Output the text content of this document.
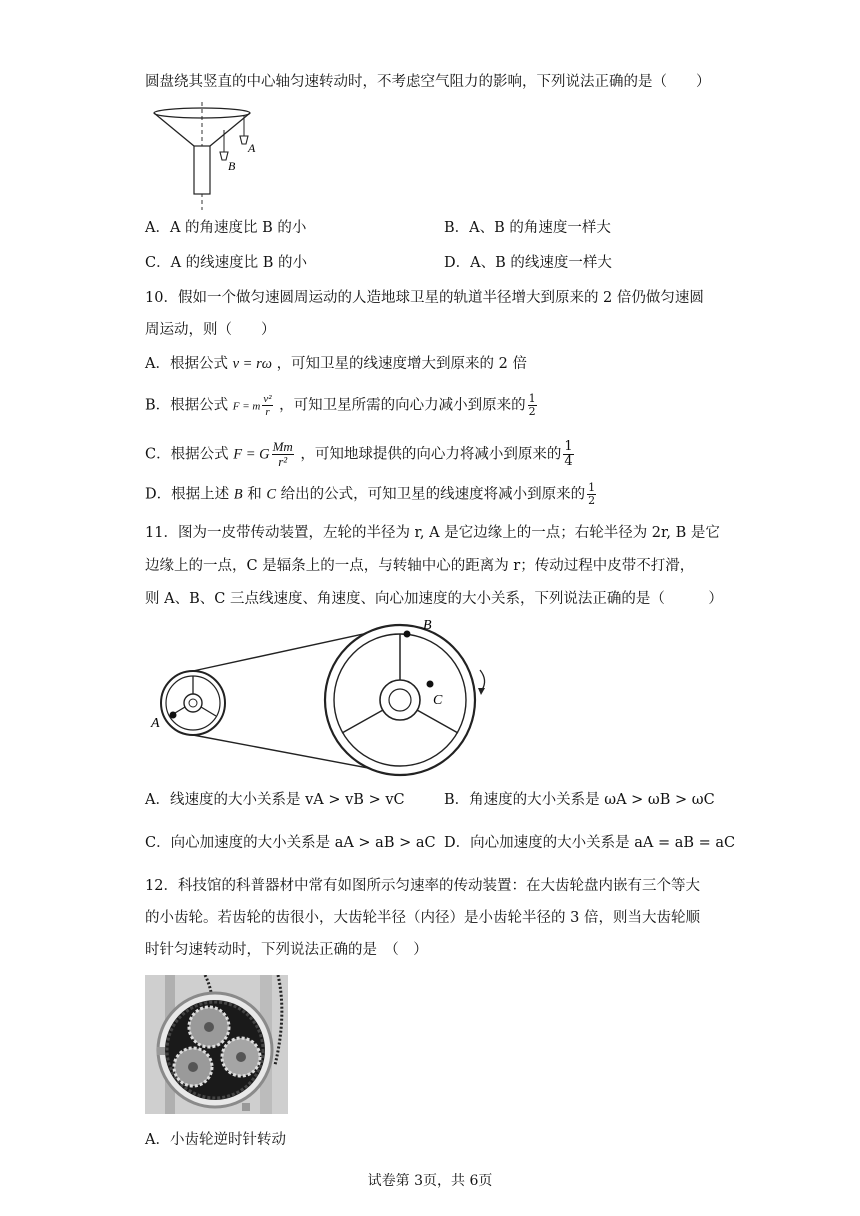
圆盘绕其竖直的中心轴匀速转动时，不考虑空气阻力的影响，下列说法正确的是（　　）
A
B
A．A 的角速度比 B 的小	B．A、B 的角速度一样大
C．A 的线速度比 B 的小	D．A、B 的线速度一样大
10．假如一个做匀速圆周运动的人造地球卫星的轨道半径增大到原来的 2 倍仍做匀速圆
周运动，则（　　）
A．根据公式 v = rω ，可知卫星的线速度增大到原来的 2 倍
B．根据公式 F = m $\frac{\text{v²}}{r}$ ，可知卫星所需的向心力减小到原来的 $\frac{1}{2}$
C．根据公式 F = G $\frac{Mm}{\text{r²}}$ ，可知地球提供的向心力将减小到原来的 $\frac{1}{4}$
D．根据上述 B 和 C 给出的公式，可知卫星的线速度将减小到原来的 $\frac{1}{2}$
11．图为一皮带传动装置，左轮的半径为 r, A 是它边缘上的一点；右轮半径为 2r, B 是它
边缘上的一点，C 是辐条上的一点，与转轴中心的距离为 r；传动过程中皮带不打滑，
则 A、B、C 三点线速度、角速度、向心加速度的大小关系，下列说法正确的是（　　　）
A
B
C
A．线速度的大小关系是 vA > vB > vC	B．角速度的大小关系是 ωA > ωB > ωC
C．向心加速度的大小关系是 aA > aB > aC D．向心加速度的大小关系是 aA = aB = aC
12．科技馆的科普器材中常有如图所示匀速率的传动装置：在大齿轮盘内嵌有三个等大
的小齿轮。若齿轮的齿很小，大齿轮半径（内径）是小齿轮半径的 3 倍，则当大齿轮顺
时针匀速转动时，下列说法正确的是　（　）
A．小齿轮逆时针转动
试卷第 3页，共 6页
